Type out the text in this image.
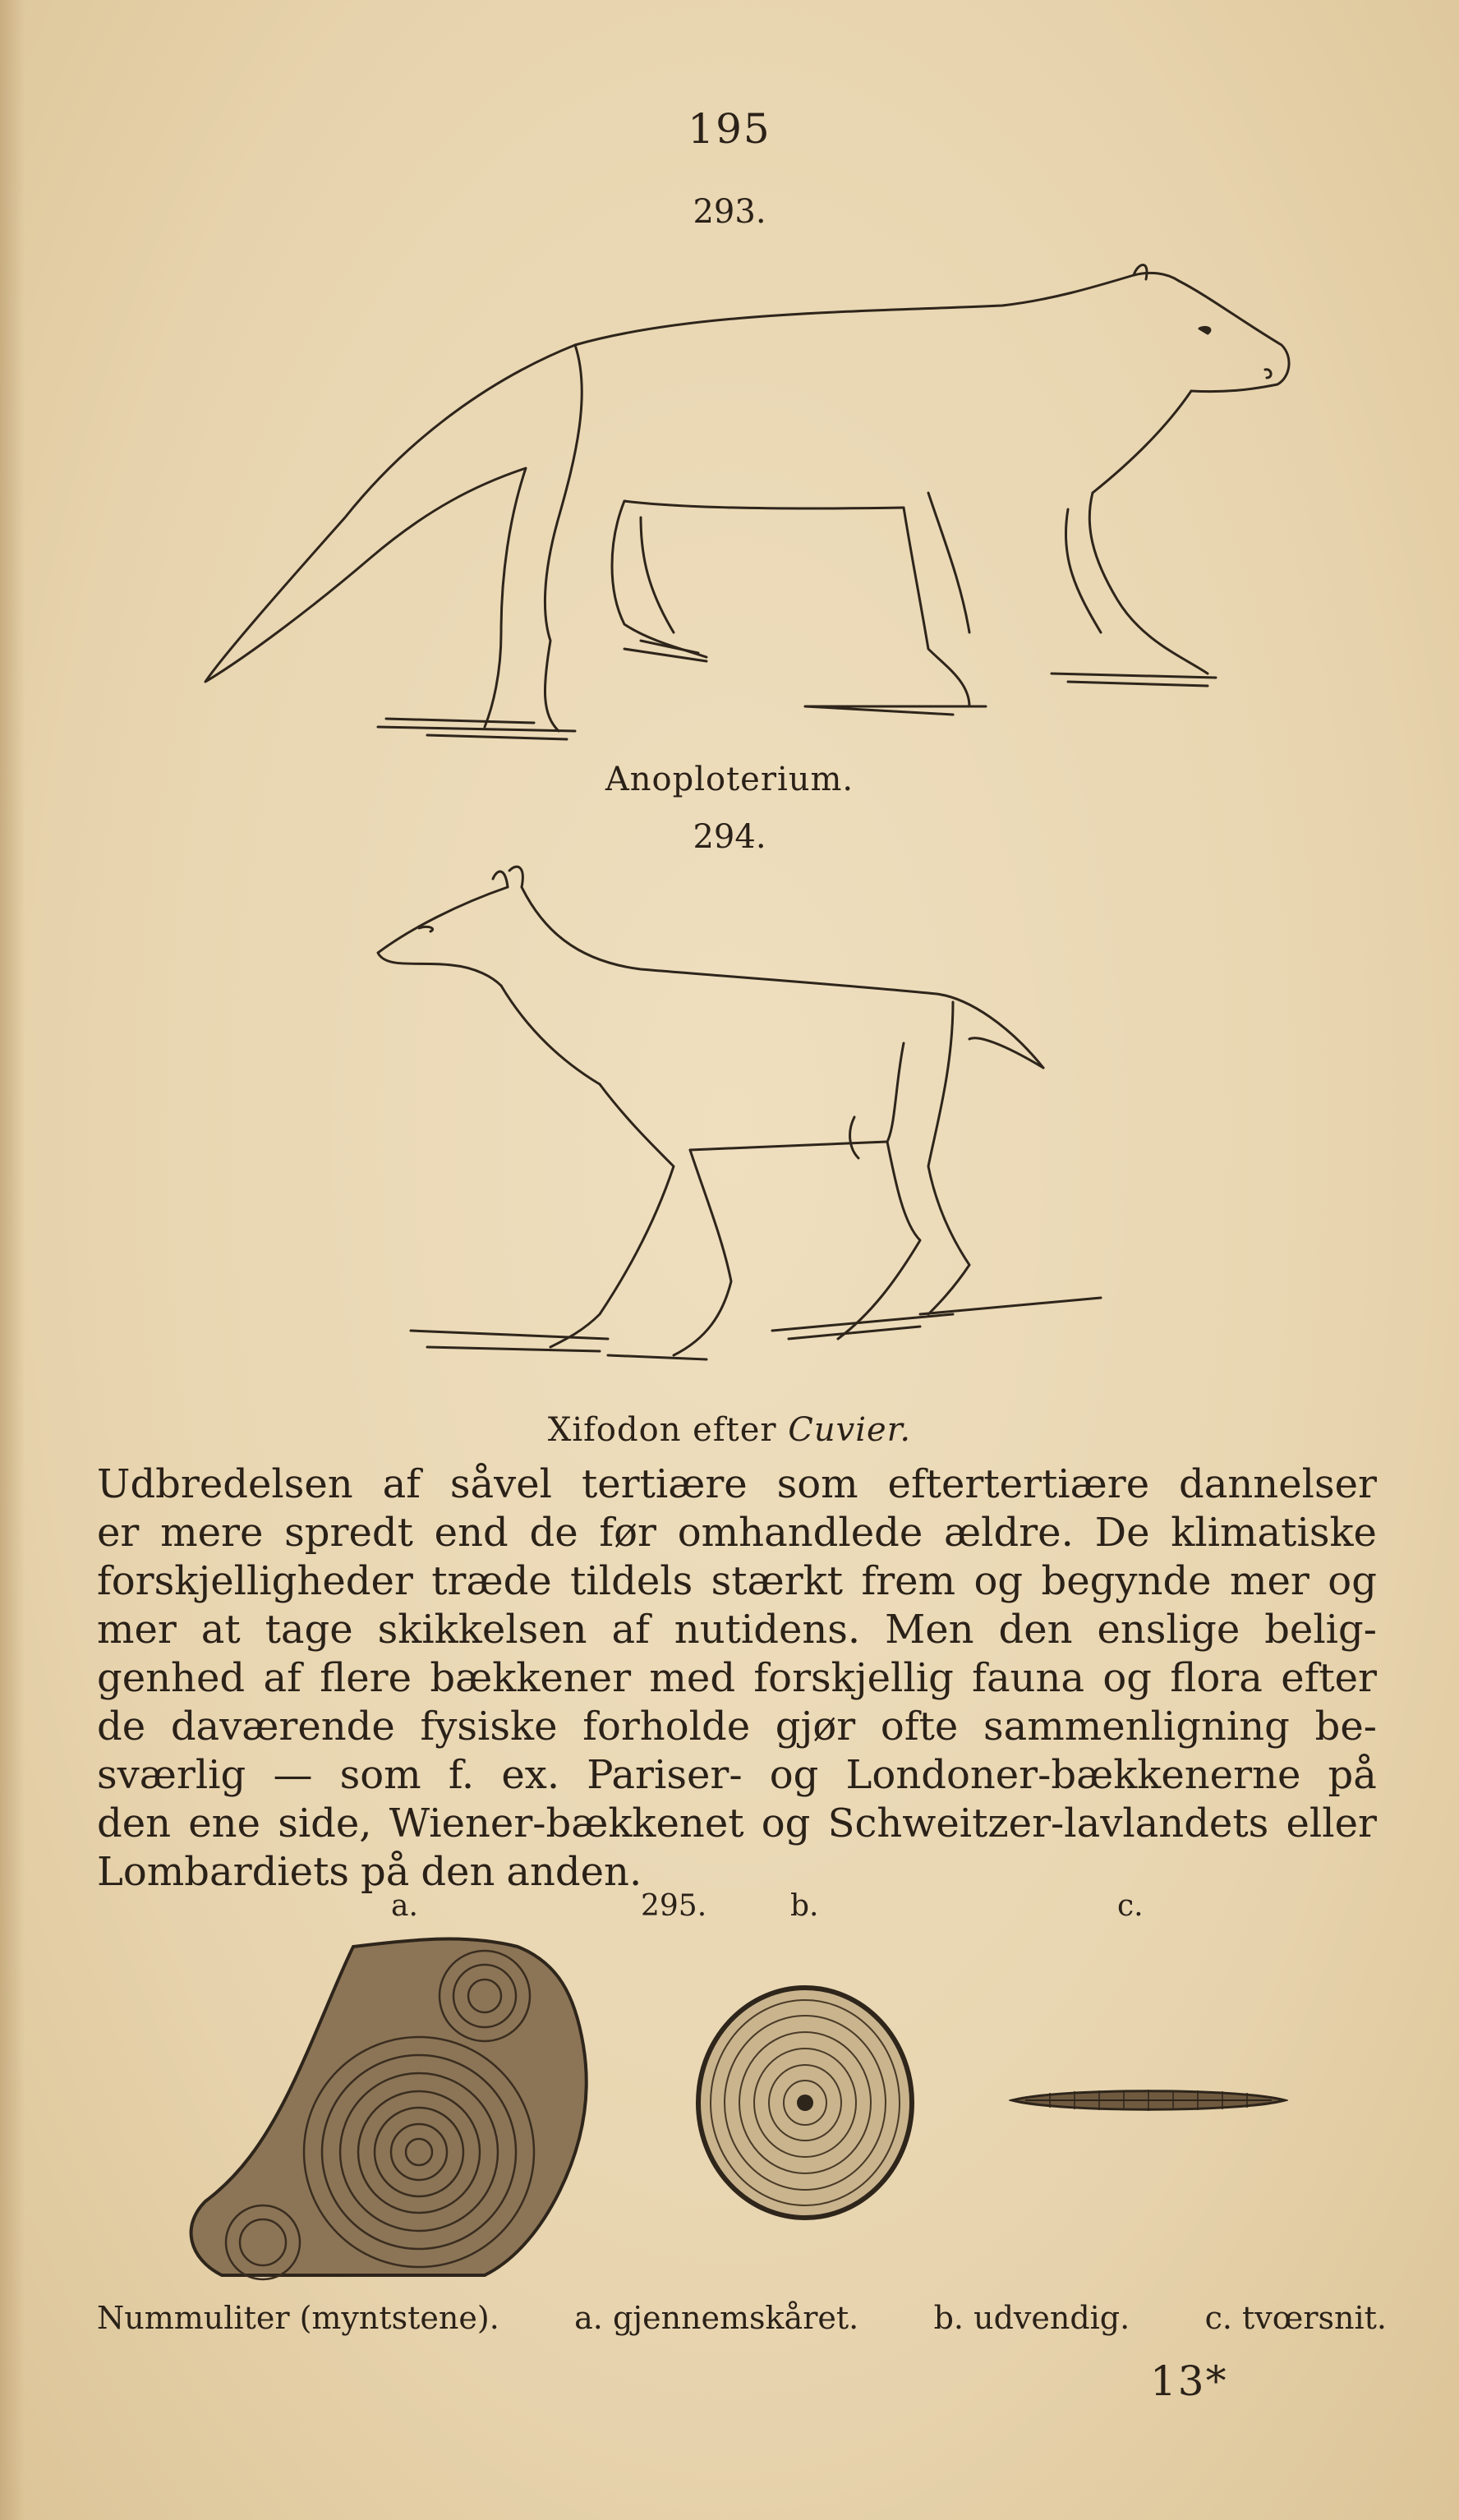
195
293.
Anoploterium.
294.
Xifodon efter Cuvier.
Udbredelsen af såvel tertiære som eftertertiære dannelser
er mere spredt end de før omhandlede ældre. De klimatiske
forskjelligheder træde tildels stærkt frem og begynde mer og
mer at tage skikkelsen af nutidens. Men den enslige belig-
genhed af flere bækkener med forskjellig fauna og flora efter
de daværende fysiske forholde gjør ofte sammenligning be-
sværlig — som f. ex. Pariser- og Londoner-bækkenerne på
den ene side, Wiener-bækkenet og Schweitzer-lavlandets eller
Lombardiets på den anden.
a.	295.	b.	c.
Nummuliter (myntstene). a. gjennemskåret. b. udvendig. c. tvœrsnit.
13*
